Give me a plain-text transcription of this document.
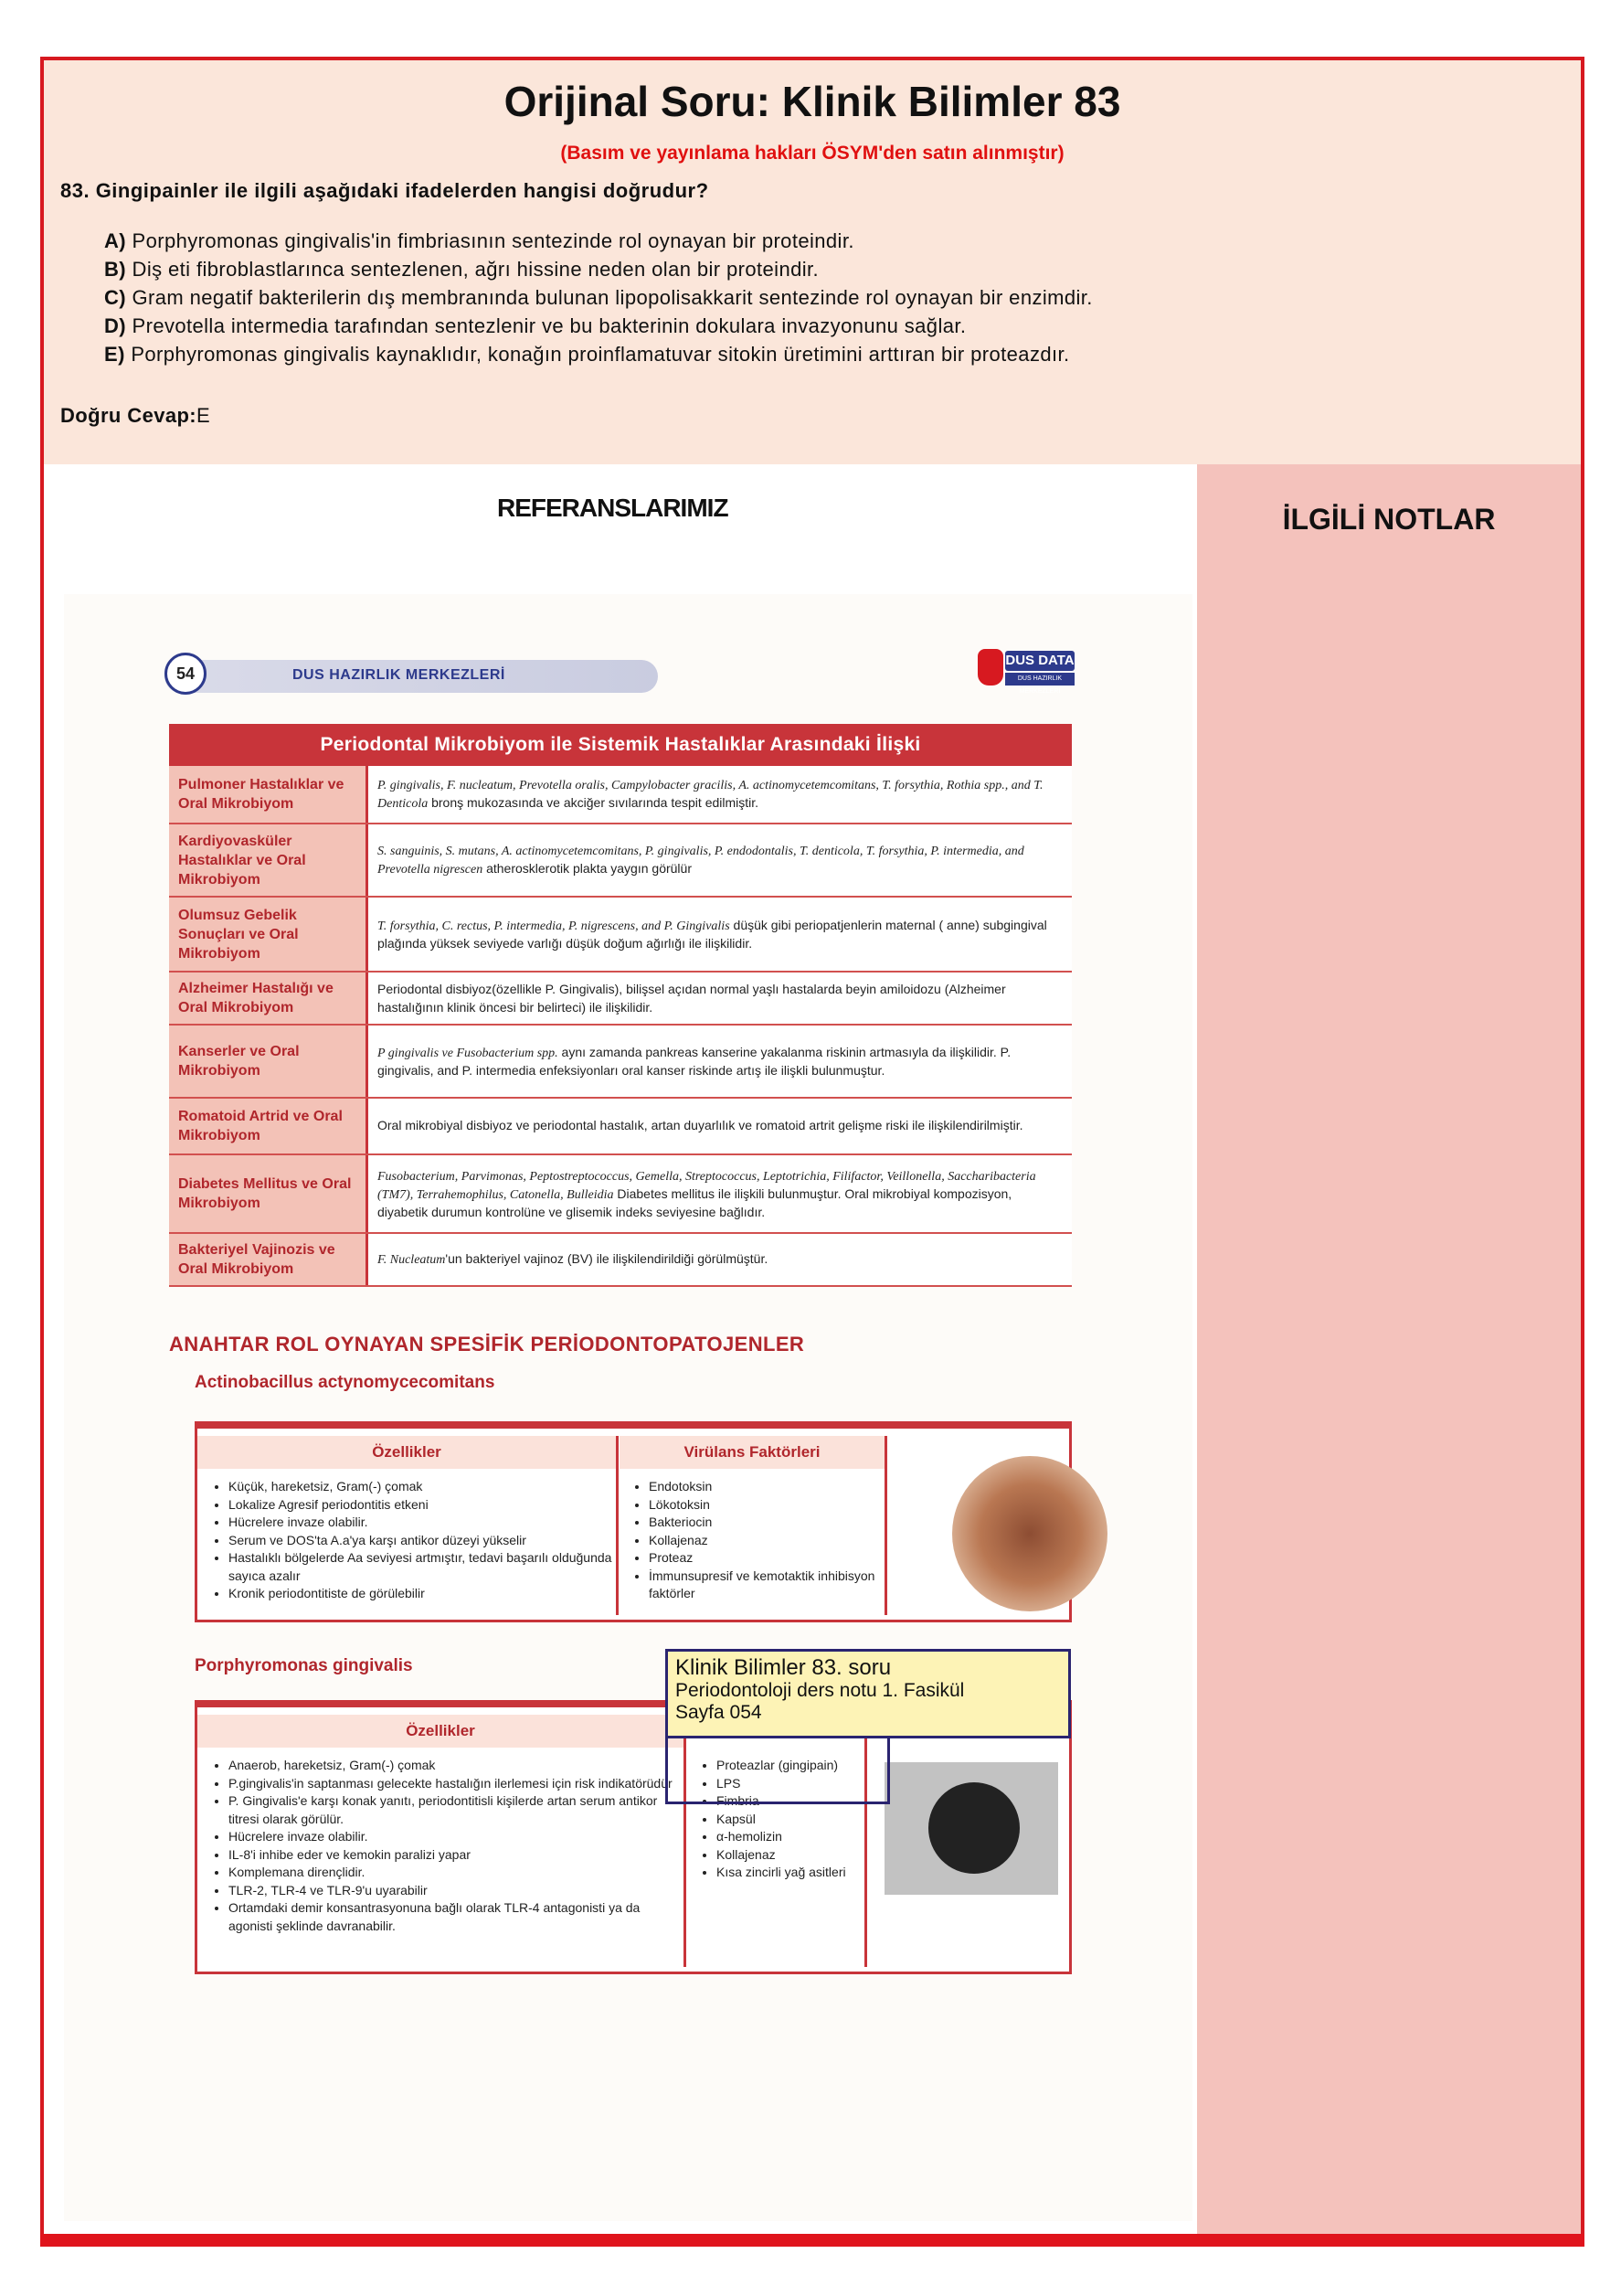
Orijinal Soru: Klinik Bilimler 83
(Basım ve yayınlama hakları ÖSYM'den satın alınmıştır)
83. Gingipainler ile ilgili aşağıdaki ifadelerden hangisi doğrudur?
A) Porphyromonas gingivalis'in fimbriasının sentezinde rol oynayan bir proteindir.
B) Diş eti fibroblastlarınca sentezlenen, ağrı hissine neden olan bir proteindir.
C) Gram negatif bakterilerin dış membranında bulunan lipopolisakkarit sentezinde rol oynayan bir enzimdir.
D) Prevotella intermedia tarafından sentezlenir ve bu bakterinin dokulara invazyonunu sağlar.
E) Porphyromonas gingivalis kaynaklıdır, konağın proinflamatuvar sitokin üretimini arttıran bir proteazdır.
Doğru Cevap:E
REFERANSLARIMIZ	İLGİLİ NOTLAR
54	DUS HAZIRLIK MERKEZLERİ
DUS DATA
DUS HAZIRLIK MERKEZLERİ
Periodontal Mikrobiyom ile Sistemik Hastalıklar Arasındaki İlişki
Pulmoner Hastalıklar ve Oral Mikrobiyom
P. gingivalis, F. nucleatum, Prevotella oralis, Campylobacter gracilis, A. actinomycetemcomitans, T. forsythia, Rothia spp., and T. Denticola bronş mukozasında ve akciğer sıvılarında tespit edilmiştir.
Kardiyovasküler Hastalıklar ve Oral Mikrobiyom
S. sanguinis, S. mutans, A. actinomycetemcomitans, P. gingivalis, P. endodontalis, T. denticola, T. forsythia, P. intermedia, and Prevotella nigrescen atherosklerotik plakta yaygın görülür
Olumsuz Gebelik Sonuçları ve Oral Mikrobiyom
T. forsythia, C. rectus, P. intermedia, P. nigrescens, and P. Gingivalis düşük gibi periopatjenlerin maternal ( anne) subgingival plağında yüksek seviyede varlığı düşük doğum ağırlığı ile ilişkilidir.
Alzheimer Hastalığı ve Oral Mikrobiyom
Periodontal disbiyoz(özellikle P. Gingivalis), bilişsel açıdan normal yaşlı hastalarda beyin amiloidozu (Alzheimer hastalığının klinik öncesi bir belirteci) ile ilişkilidir.
Kanserler ve Oral Mikrobiyom
P gingivalis ve Fusobacterium spp. aynı zamanda pankreas kanserine yakalanma riskinin artmasıyla da ilişkilidir. P. gingivalis, and P. intermedia enfeksiyonları oral kanser riskinde artış ile ilişkli bulunmuştur.
Romatoid Artrid ve Oral Mikrobiyom
Oral mikrobiyal disbiyoz ve periodontal hastalık, artan duyarlılık ve romatoid artrit gelişme riski ile ilişkilendirilmiştir.
Diabetes Mellitus ve Oral Mikrobiyom
Fusobacterium, Parvimonas, Peptostreptococcus, Gemella, Streptococcus, Leptotrichia, Filifactor, Veillonella, Saccharibacteria (TM7), Terrahemophilus, Catonella, Bulleidia Diabetes mellitus ile ilişkili bulunmuştur. Oral mikrobiyal kompozisyon, diyabetik durumun kontrolüne ve glisemik indeks seviyesine bağlıdır.
Bakteriyel Vajinozis ve Oral Mikrobiyom
F. Nucleatum'un bakteriyel vajinoz (BV) ile ilişkilendirildiği görülmüştür.
ANAHTAR ROL OYNAYAN SPESİFİK PERİODONTOPATOJENLER
Actinobacillus actynomycecomitans
Özellikler	Virülans Faktörleri
• Küçük, hareketsiz, Gram(-) çomak
• Lokalize Agresif periodontitis etkeni
• Hücrelere invaze olabilir.
• Serum ve DOS'ta A.a'ya karşı antikor düzeyi yükselir
• Hastalıklı bölgelerde Aa seviyesi artmıştır, tedavi başarılı olduğunda sayıca azalır
• Kronik periodontitiste de görülebilir
• Endotoksin
• Lökotoksin
• Bakteriocin
• Kollajenaz
• Proteaz
• İmmunsupresif ve kemotaktik inhibisyon faktörler
Porphyromonas gingivalis
Özellikler
• Anaerob, hareketsiz, Gram(-) çomak
• P.gingivalis'in saptanması gelecekte hastalığın ilerlemesi için risk indikatörüdür
• P. Gingivalis'e karşı konak yanıtı, periodontitisli kişilerde artan serum antikor titresi olarak görülür.
• Hücrelere invaze olabilir.
• IL-8'i inhibe eder ve kemokin paralizi yapar
• Komplemana dirençlidir.
• TLR-2, TLR-4 ve TLR-9'u uyarabilir
• Ortamdaki demir konsantrasyonuna bağlı olarak TLR-4 antagonisti ya da agonisti şeklinde davranabilir.
• Proteazlar (gingipain)
• LPS
• Fimbria
• Kapsül
• α-hemolizin
• Kollajenaz
• Kısa zincirli yağ asitleri
Klinik Bilimler 83. soru
Periodontoloji ders notu 1. Fasikül
Sayfa 054
